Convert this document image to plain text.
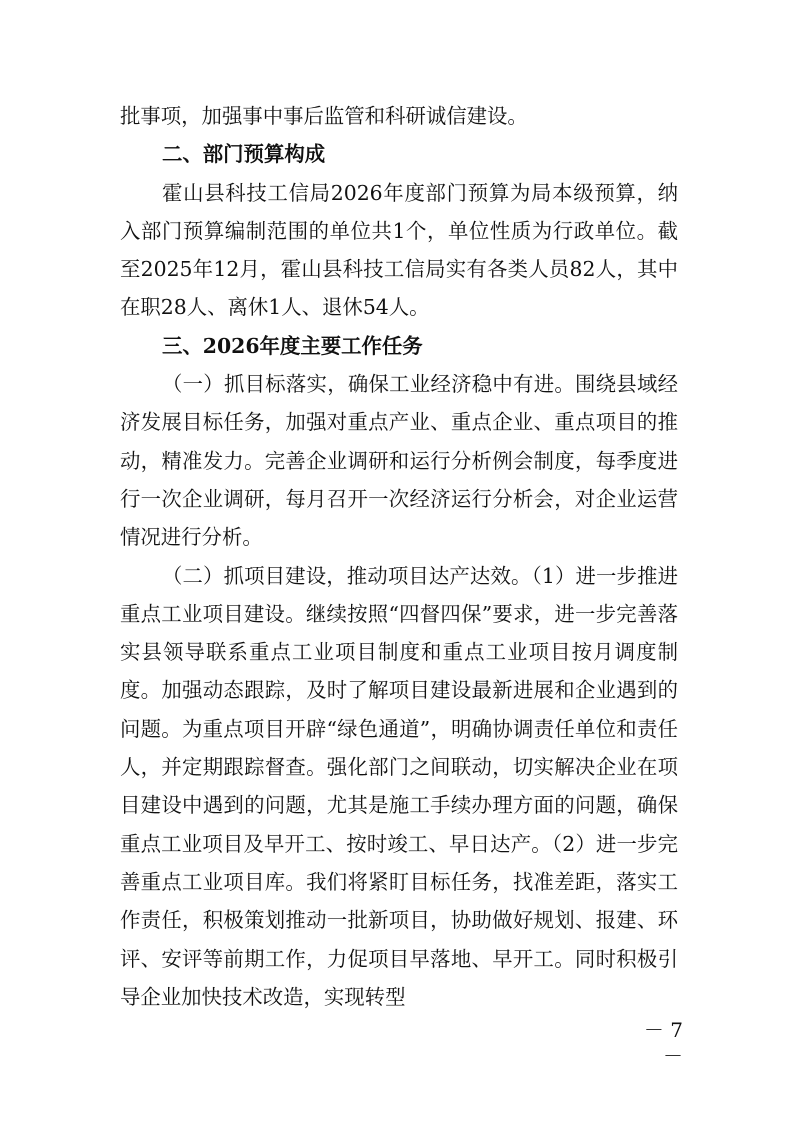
批事项，加强事中事后监管和科研诚信建设。

二、部门预算构成

霍山县科技工信局2026年度部门预算为局本级预算，纳入部门预算编制范围的单位共1个，单位性质为行政单位。截至2025年12月，霍山县科技工信局实有各类人员82人，其中在职28人、离休1人、退休54人。

三、2026年度主要工作任务

（一）抓目标落实，确保工业经济稳中有进。围绕县域经济发展目标任务，加强对重点产业、重点企业、重点项目的推动，精准发力。完善企业调研和运行分析例会制度，每季度进行一次企业调研，每月召开一次经济运行分析会，对企业运营情况进行分析。

（二）抓项目建设，推动项目达产达效。（1）进一步推进重点工业项目建设。继续按照“四督四保”要求，进一步完善落实县领导联系重点工业项目制度和重点工业项目按月调度制度。加强动态跟踪，及时了解项目建设最新进展和企业遇到的问题。为重点项目开辟“绿色通道”，明确协调责任单位和责任人，并定期跟踪督查。强化部门之间联动，切实解决企业在项目建设中遇到的问题，尤其是施工手续办理方面的问题，确保重点工业项目及早开工、按时竣工、早日达产。（2）进一步完善重点工业项目库。我们将紧盯目标任务，找准差距，落实工作责任，积极策划推动一批新项目，协助做好规划、报建、环评、安评等前期工作，力促项目早落地、早开工。同时积极引导企业加快技术改造，实现转型

－ 7 －
